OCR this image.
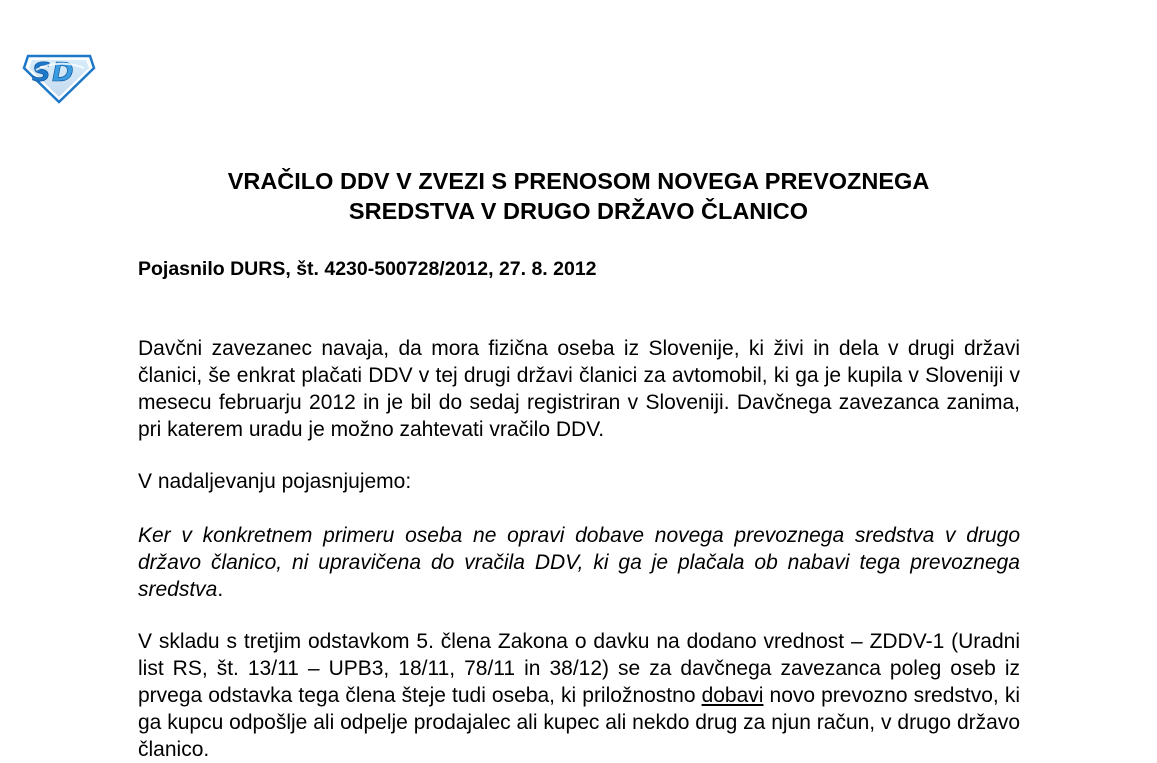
S D
VRAČILO DDV V ZVEZI S PRENOSOM NOVEGA PREVOZNEGA
SREDSTVA V DRUGO DRŽAVO ČLANICO
Pojasnilo DURS, št. 4230-500728/2012, 27. 8. 2012

Davčni zavezanec navaja, da mora fizična oseba iz Slovenije, ki živi in dela v drugi državi članici, še enkrat plačati DDV v tej drugi državi članici za avtomobil, ki ga je kupila v Sloveniji v mesecu februarju 2012 in je bil do sedaj registriran v Sloveniji. Davčnega zavezanca zanima, pri katerem uradu je možno zahtevati vračilo DDV.

V nadaljevanju pojasnjujemo:

Ker v konkretnem primeru oseba ne opravi dobave novega prevoznega sredstva v drugo državo članico, ni upravičena do vračila DDV, ki ga je plačala ob nabavi tega prevoznega sredstva.

V skladu s tretjim odstavkom 5. člena Zakona o davku na dodano vrednost – ZDDV-1 (Uradni list RS, št. 13/11 – UPB3, 18/11, 78/11 in 38/12) se za davčnega zavezanca poleg oseb iz prvega odstavka tega člena šteje tudi oseba, ki priložnostno dobavi novo prevozno sredstvo, ki ga kupcu odpošlje ali odpelje prodajalec ali kupec ali nekdo drug za njun račun, v drugo državo članico.
